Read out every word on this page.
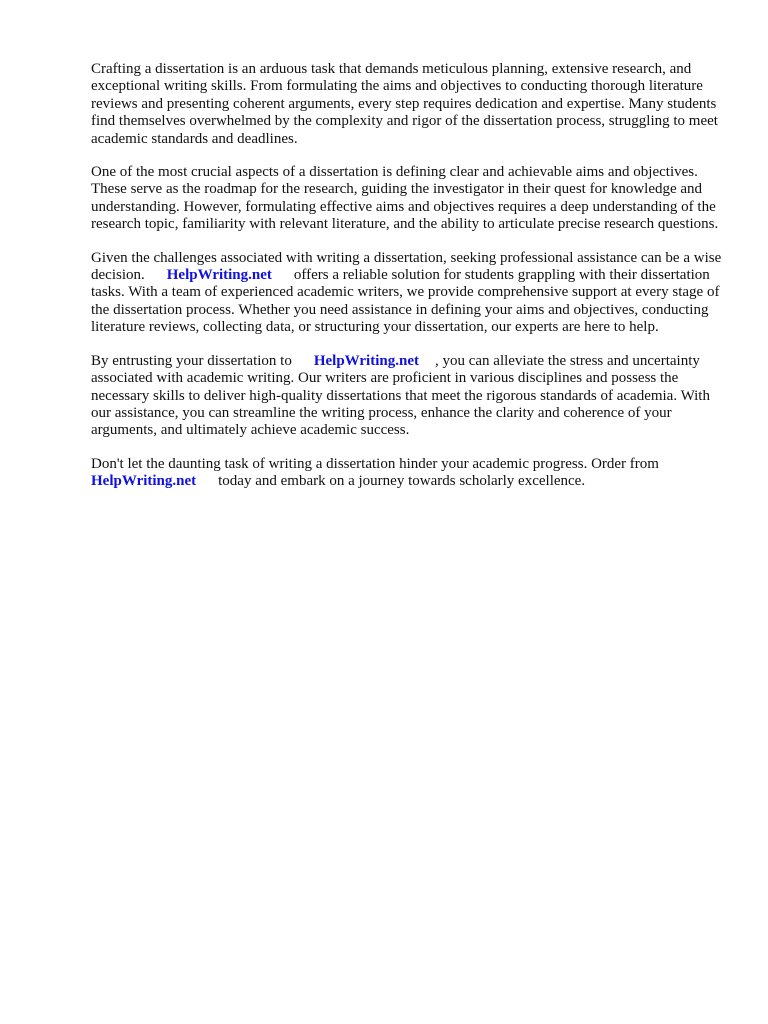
Crafting a dissertation is an arduous task that demands meticulous planning, extensive research, and exceptional writing skills. From formulating the aims and objectives to conducting thorough literature reviews and presenting coherent arguments, every step requires dedication and expertise. Many students find themselves overwhelmed by the complexity and rigor of the dissertation process, struggling to meet academic standards and deadlines.

One of the most crucial aspects of a dissertation is defining clear and achievable aims and objectives. These serve as the roadmap for the research, guiding the investigator in their quest for knowledge and understanding. However, formulating effective aims and objectives requires a deep understanding of the research topic, familiarity with relevant literature, and the ability to articulate precise research questions.

Given the challenges associated with writing a dissertation, seeking professional assistance can be a wise decision. HelpWriting.net offers a reliable solution for students grappling with their dissertation tasks. With a team of experienced academic writers, we provide comprehensive support at every stage of the dissertation process. Whether you need assistance in defining your aims and objectives, conducting literature reviews, collecting data, or structuring your dissertation, our experts are here to help.

By entrusting your dissertation to HelpWriting.net , you can alleviate the stress and uncertainty associated with academic writing. Our writers are proficient in various disciplines and possess the necessary skills to deliver high-quality dissertations that meet the rigorous standards of academia. With our assistance, you can streamline the writing process, enhance the clarity and coherence of your arguments, and ultimately achieve academic success.

Don't let the daunting task of writing a dissertation hinder your academic progress. Order from HelpWriting.net today and embark on a journey towards scholarly excellence.
